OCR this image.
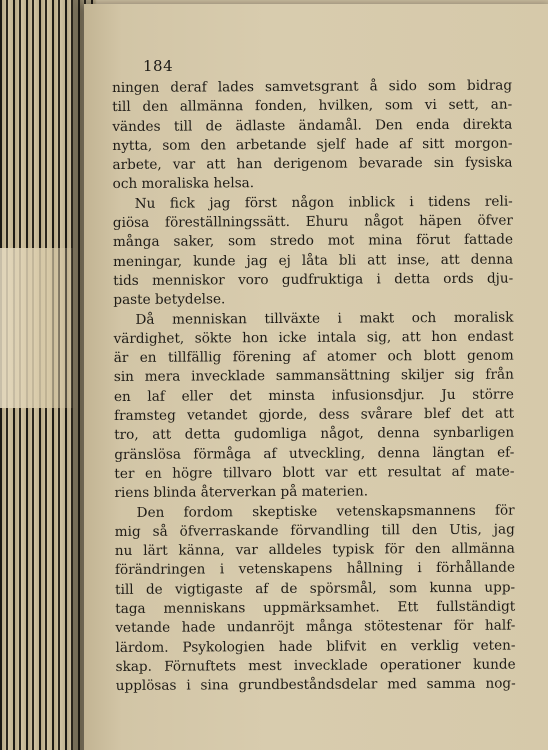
184
ningen deraf lades samvetsgrant å sido som bidrag
till den allmänna fonden, hvilken, som vi sett, an-
vändes till de ädlaste ändamål. Den enda direkta
nytta, som den arbetande sjelf hade af sitt morgon-
arbete, var att han derigenom bevarade sin fysiska
och moraliska helsa.
Nu fick jag först någon inblick i tidens reli-
giösa föreställningssätt. Ehuru något häpen öfver
många saker, som stredo mot mina förut fattade
meningar, kunde jag ej låta bli att inse, att denna
tids menniskor voro gudfruktiga i detta ords dju-
paste betydelse.
Då menniskan tillväxte i makt och moralisk
värdighet, sökte hon icke intala sig, att hon endast
är en tillfällig förening af atomer och blott genom
sin mera invecklade sammansättning skiljer sig från
en laf eller det minsta infusionsdjur. Ju större
framsteg vetandet gjorde, dess svårare blef det att
tro, att detta gudomliga något, denna synbarligen
gränslösa förmåga af utveckling, denna längtan ef-
ter en högre tillvaro blott var ett resultat af mate-
riens blinda återverkan på materien.
Den fordom skeptiske vetenskapsmannens för
mig så öfverraskande förvandling till den Utis, jag
nu lärt känna, var alldeles typisk för den allmänna
förändringen i vetenskapens hållning i förhållande
till de vigtigaste af de spörsmål, som kunna upp-
taga menniskans uppmärksamhet. Ett fullständigt
vetande hade undanröjt många stötestenar för half-
lärdom. Psykologien hade blifvit en verklig veten-
skap. Förnuftets mest invecklade operationer kunde
upplösas i sina grundbeståndsdelar med samma nog-
